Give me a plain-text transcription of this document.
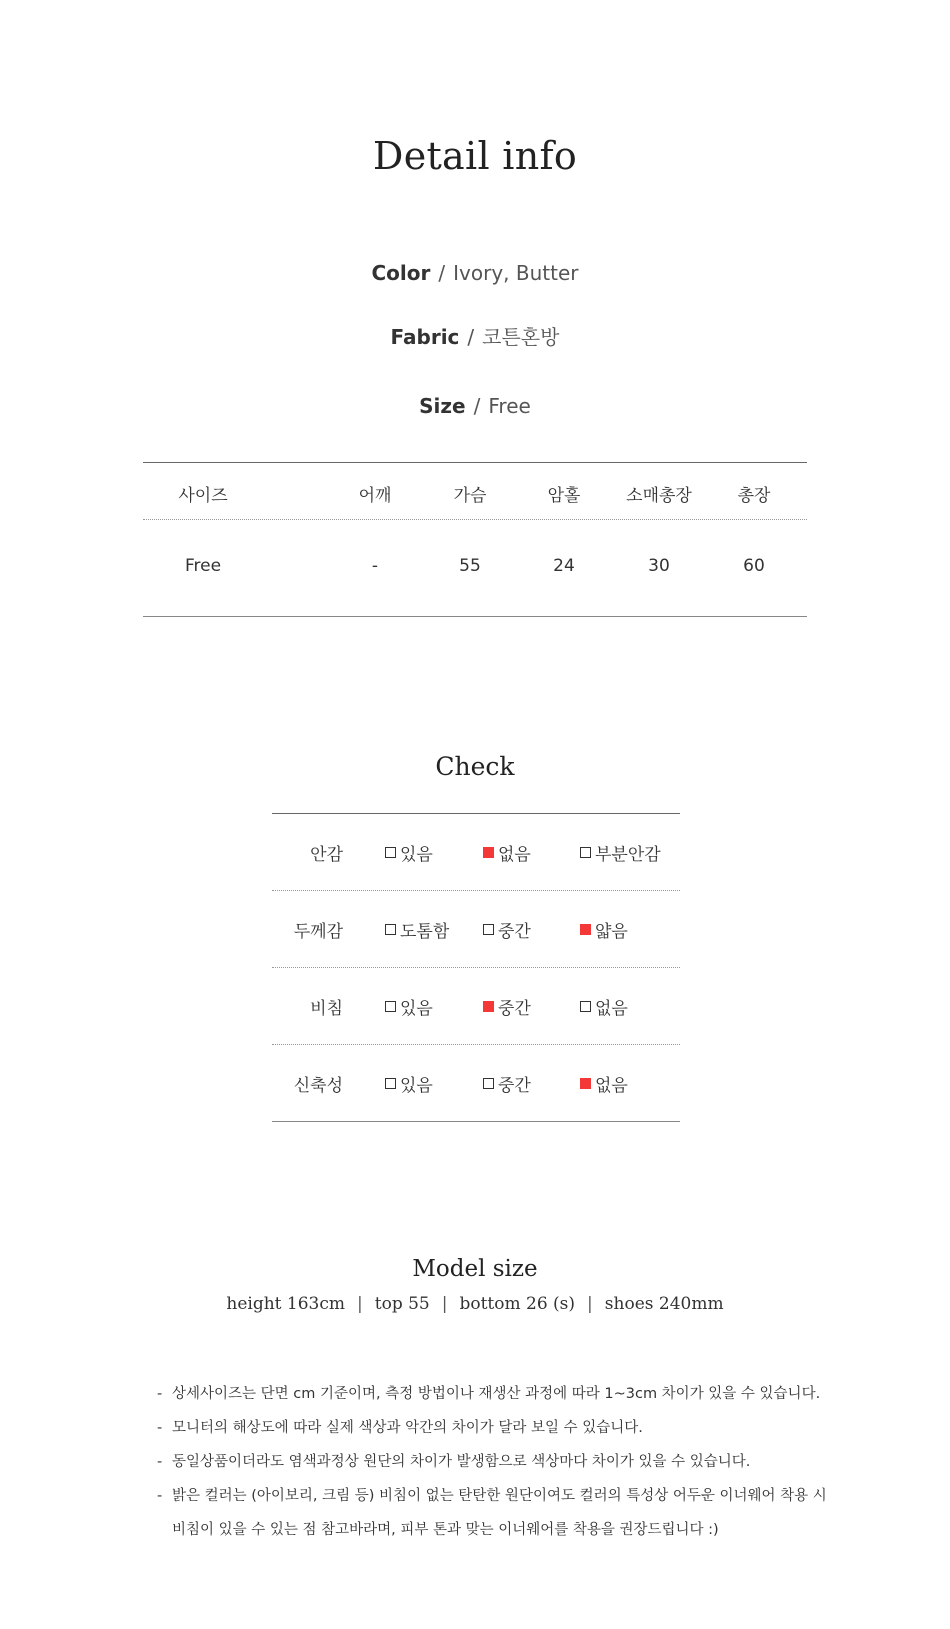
Detail info
Color / Ivory, Butter
Fabric / 코튼혼방
Size / Free
사이즈	어깨	가슴	암홀	소매총장	총장
Free	-	55	24	30	60
Check
안감	있음	없음	부분안감
두께감	도톰함	중간	얇음
비침	있음	중간	없음
신축성	있음	중간	없음
Model size
height 163cm | top 55 | bottom 26 (s) | shoes 240mm
- 상세사이즈는 단면 cm 기준이며, 측정 방법이나 재생산 과정에 따라 1~3cm 차이가 있을 수 있습니다.
- 모니터의 해상도에 따라 실제 색상과 악간의 차이가 달라 보일 수 있습니다.
- 동일상품이더라도 염색과정상 원단의 차이가 발생함으로 색상마다 차이가 있을 수 있습니다.
- 밝은 컬러는 (아이보리, 크림 등) 비침이 없는 탄탄한 원단이여도 컬러의 특성상 어두운 이너웨어 착용 시
비침이 있을 수 있는 점 참고바라며, 피부 톤과 맞는 이너웨어를 착용을 권장드립니다 :)
